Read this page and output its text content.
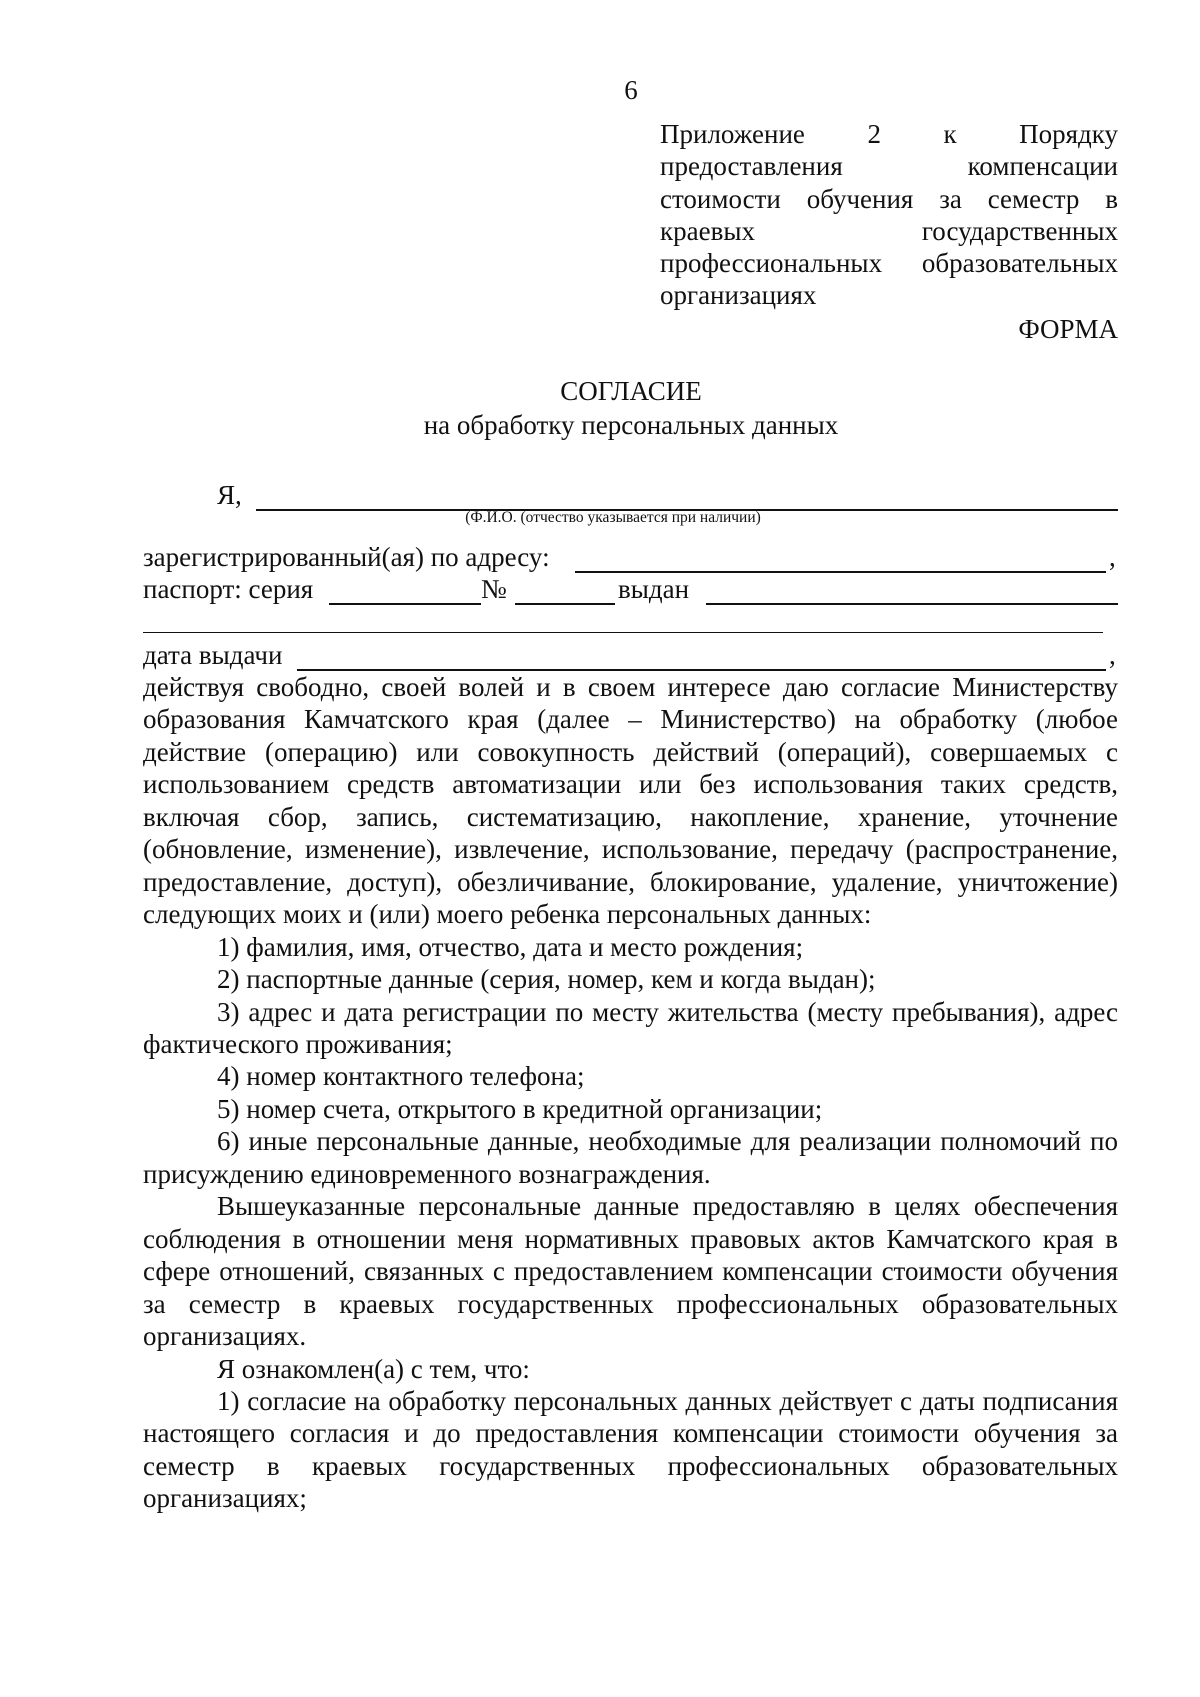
6
Приложение 2 к Порядку
предоставления компенсации
стоимости обучения за семестр в
краевых государственных
профессиональных образовательных
организациях
ФОРМА
СОГЛАСИЕ
на обработку персональных данных
Я,
(Ф.И.О. (отчество указывается при наличии)
зарегистрированный(ая) по адресу:	,
паспорт: серия	№	выдан
дата выдачи	,

действуя свободно, своей волей и в своем интересе даю согласие Министерству образования Камчатского края (далее – Министерство) на обработку (любое действие (операцию) или совокупность действий (операций), совершаемых с использованием средств автоматизации или без использования таких средств, включая сбор, запись, систематизацию, накопление, хранение, уточнение (обновление, изменение), извлечение, использование, передачу (распространение, предоставление, доступ), обезличивание, блокирование, удаление, уничтожение) следующих моих и (или) моего ребенка персональных данных:

1) фамилия, имя, отчество, дата и место рождения;

2) паспортные данные (серия, номер, кем и когда выдан);

3) адрес и дата регистрации по месту жительства (месту пребывания), адрес фактического проживания;

4) номер контактного телефона;

5) номер счета, открытого в кредитной организации;

6) иные персональные данные, необходимые для реализации полномочий по присуждению единовременного вознаграждения.

Вышеуказанные персональные данные предоставляю в целях обеспечения соблюдения в отношении меня нормативных правовых актов Камчатского края в сфере отношений, связанных с предоставлением компенсации стоимости обучения за семестр в краевых государственных профессиональных образовательных организациях.

Я ознакомлен(а) с тем, что:

1) согласие на обработку персональных данных действует с даты подписания настоящего согласия и до предоставления компенсации стоимости обучения за семестр в краевых государственных профессиональных образовательных организациях;
